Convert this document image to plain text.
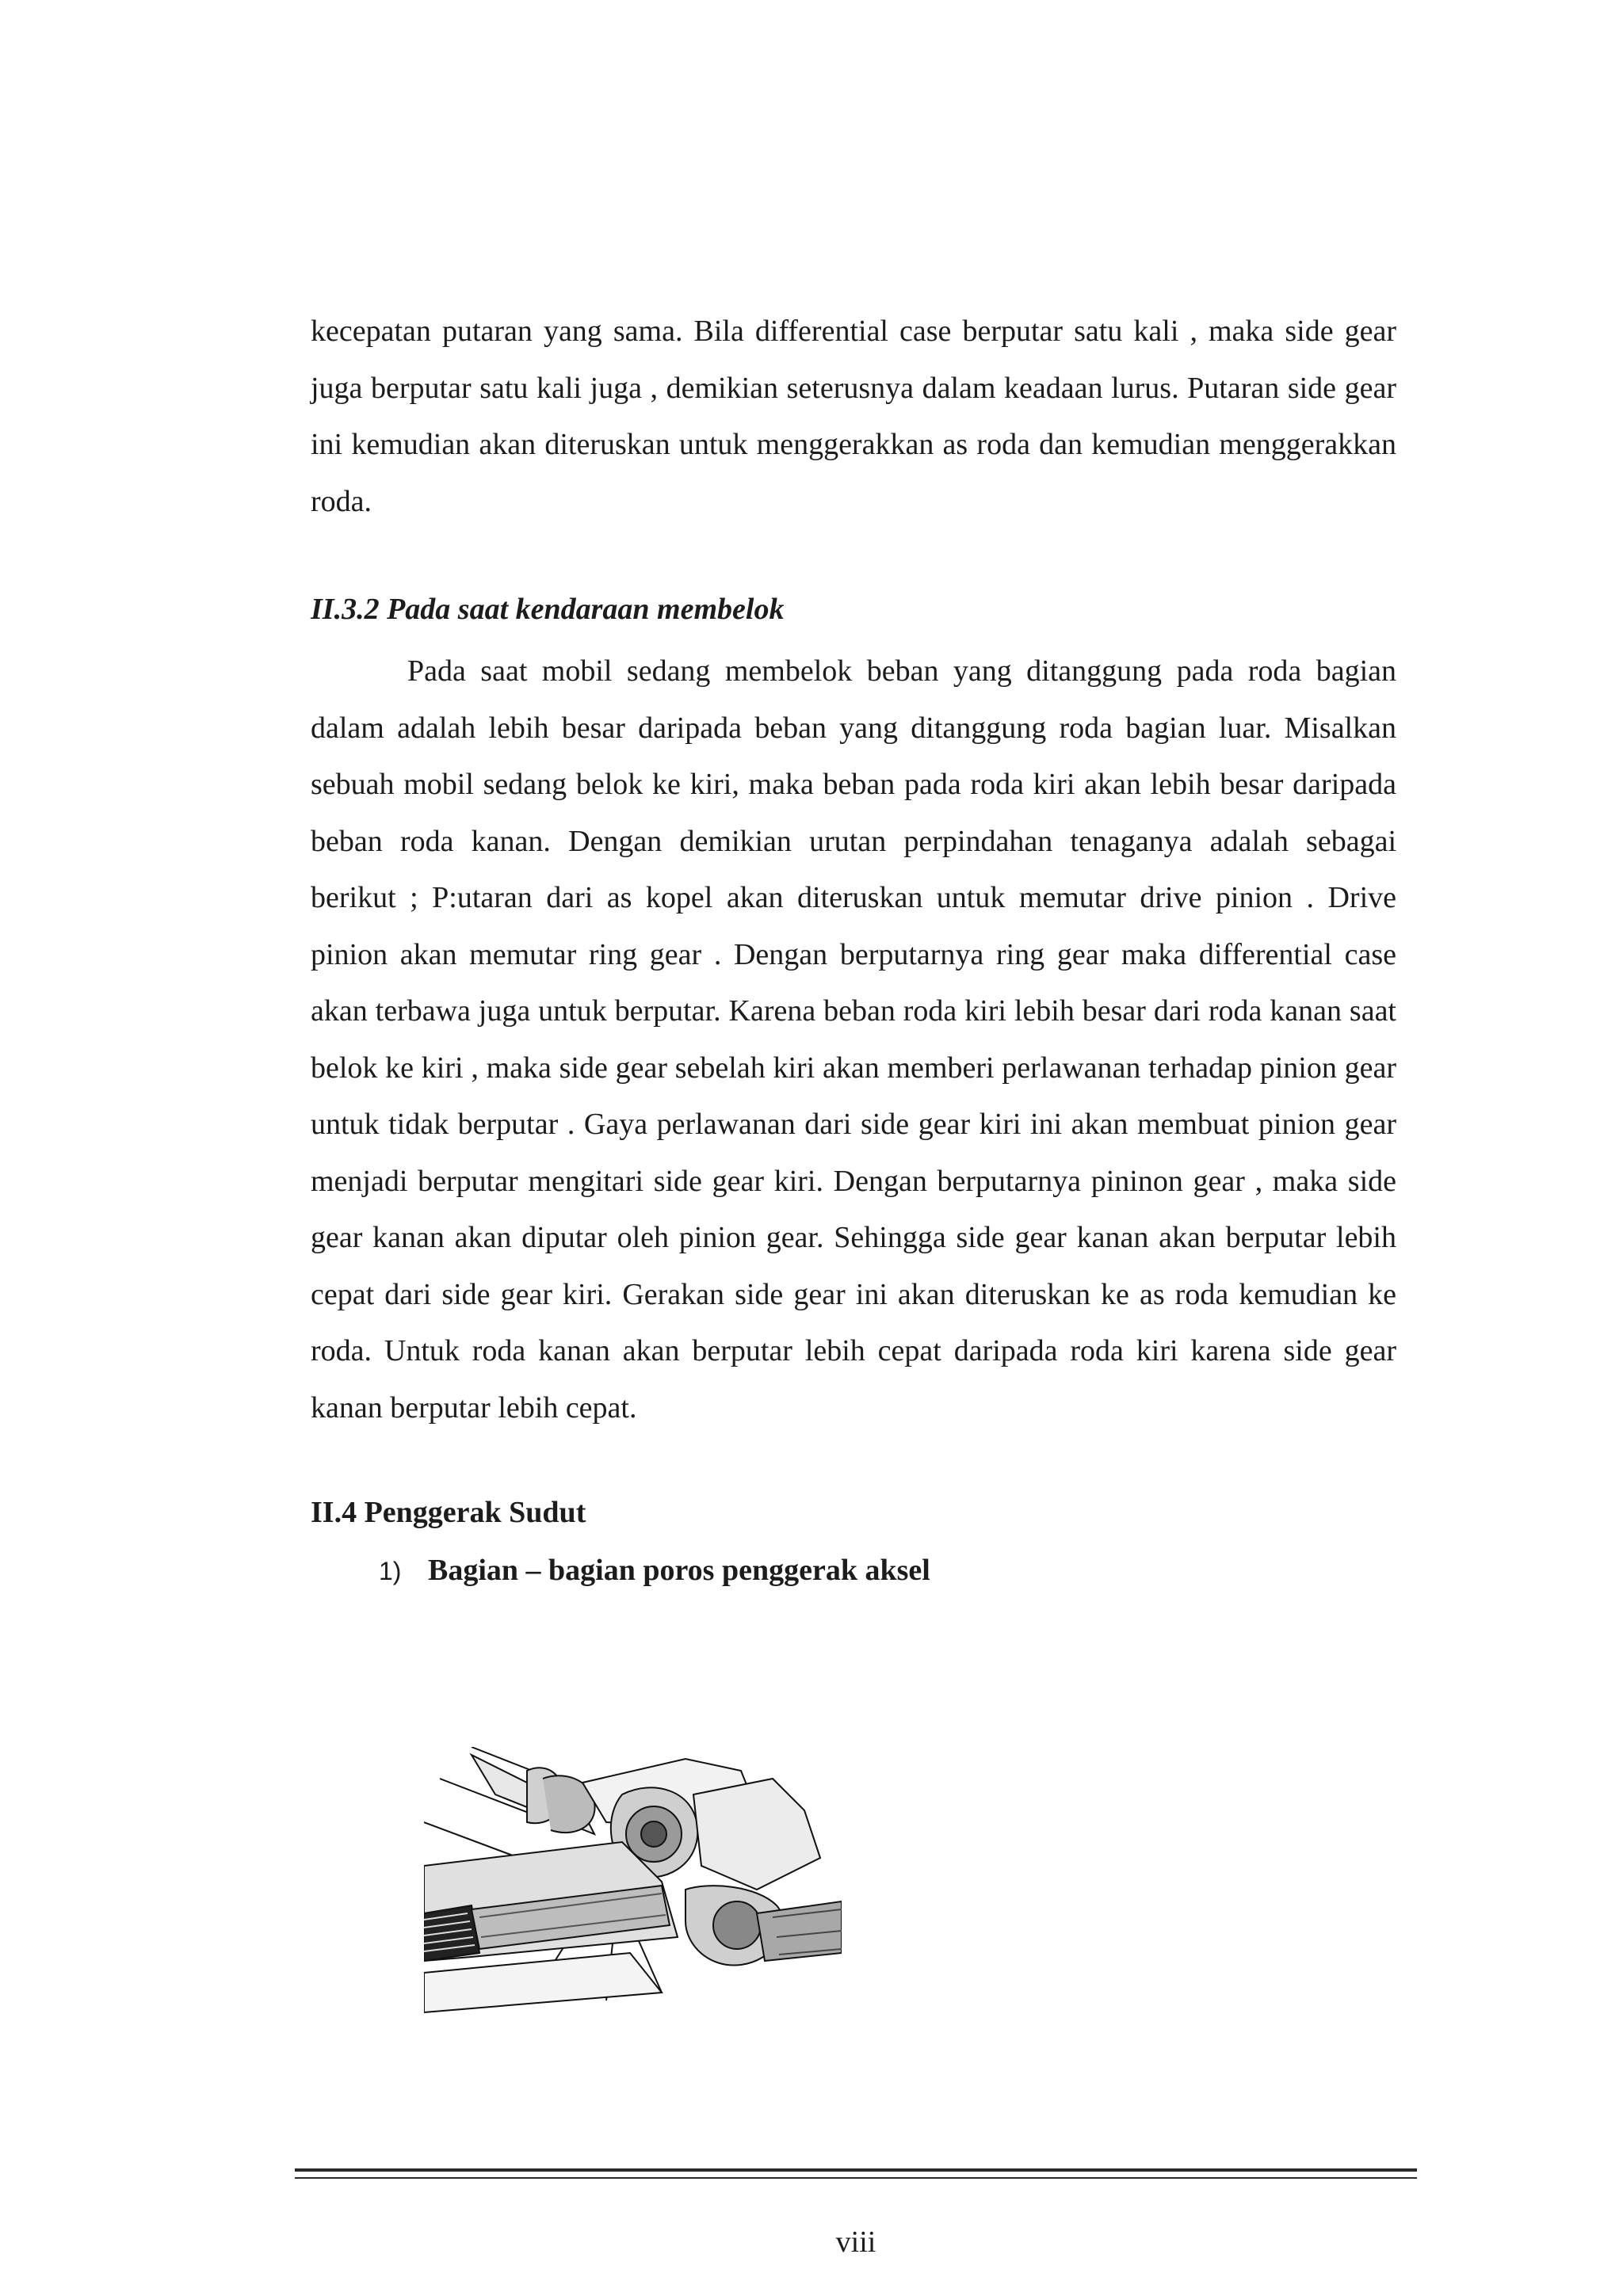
kecepatan putaran yang sama. Bila differential case berputar satu kali , maka side gear juga berputar satu kali juga , demikian seterusnya dalam keadaan lurus. Putaran side gear ini kemudian akan diteruskan untuk menggerakkan as roda dan kemudian menggerakkan roda.

II.3.2 Pada saat kendaraan membelok

Pada saat mobil sedang membelok beban yang ditanggung pada roda bagian dalam adalah lebih besar daripada beban yang ditanggung roda bagian luar. Misalkan sebuah mobil sedang belok ke kiri, maka beban pada roda kiri akan lebih besar daripada beban roda kanan. Dengan demikian urutan perpindahan tenaganya adalah sebagai berikut ; P:utaran dari as kopel akan diteruskan untuk memutar drive pinion . Drive pinion akan memutar ring gear . Dengan berputarnya ring gear maka differential case akan terbawa juga untuk berputar. Karena beban roda kiri lebih besar dari roda kanan saat belok ke kiri , maka side gear sebelah kiri akan memberi perlawanan terhadap pinion gear untuk tidak berputar . Gaya perlawanan dari side gear kiri ini akan membuat pinion gear menjadi berputar mengitari side gear kiri. Dengan berputarnya pininon gear , maka side gear kanan akan diputar oleh pinion gear. Sehingga side gear kanan akan berputar lebih cepat dari side gear kiri. Gerakan side gear ini akan diteruskan ke as roda kemudian ke roda. Untuk roda kanan akan berputar lebih cepat daripada roda kiri karena side gear kanan berputar lebih cepat.

II.4 Penggerak Sudut

1) Bagian – bagian poros penggerak aksel

viii
